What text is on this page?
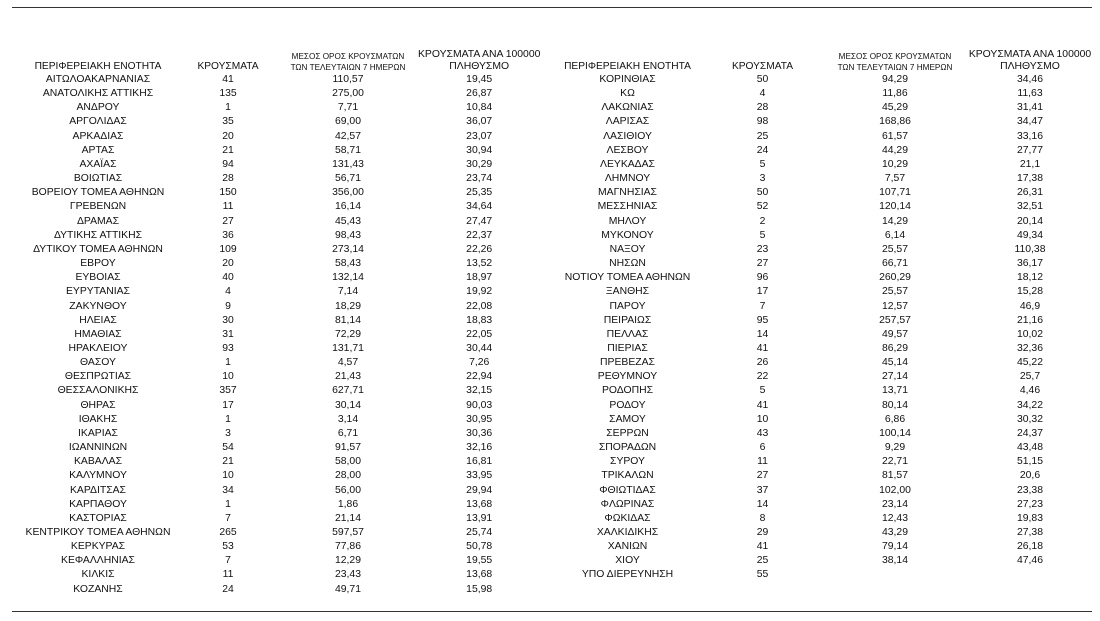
ΠΕΡΙΦΕΡΕΙΑΚΗ ΕΝΟΤΗΤΑ	ΚΡΟΥΣΜΑΤΑ	ΜΕΣΟΣ ΟΡΟΣ ΚΡΟΥΣΜΑΤΩΝ
ΤΩΝ ΤΕΛΕΥΤΑΙΩΝ 7 ΗΜΕΡΩΝ	ΚΡΟΥΣΜΑΤΑ ΑΝΑ 100000
ΠΛΗΘΥΣΜΟ
ΑΙΤΩΛΟΑΚΑΡΝΑΝΙΑΣ	41	110,57	19,45
ΑΝΑΤΟΛΙΚΗΣ ΑΤΤΙΚΗΣ	135	275,00	26,87
ΑΝΔΡΟΥ	1	7,71	10,84
ΑΡΓΟΛΙΔΑΣ	35	69,00	36,07
ΑΡΚΑΔΙΑΣ	20	42,57	23,07
ΑΡΤΑΣ	21	58,71	30,94
ΑΧΑΪΑΣ	94	131,43	30,29
ΒΟΙΩΤΙΑΣ	28	56,71	23,74
ΒΟΡΕΙΟΥ ΤΟΜΕΑ ΑΘΗΝΩΝ	150	356,00	25,35
ΓΡΕΒΕΝΩΝ	11	16,14	34,64
ΔΡΑΜΑΣ	27	45,43	27,47
ΔΥΤΙΚΗΣ ΑΤΤΙΚΗΣ	36	98,43	22,37
ΔΥΤΙΚΟΥ ΤΟΜΕΑ ΑΘΗΝΩΝ	109	273,14	22,26
ΕΒΡΟΥ	20	58,43	13,52
ΕΥΒΟΙΑΣ	40	132,14	18,97
ΕΥΡΥΤΑΝΙΑΣ	4	7,14	19,92
ΖΑΚΥΝΘΟΥ	9	18,29	22,08
ΗΛΕΙΑΣ	30	81,14	18,83
ΗΜΑΘΙΑΣ	31	72,29	22,05
ΗΡΑΚΛΕΙΟΥ	93	131,71	30,44
ΘΑΣΟΥ	1	4,57	7,26
ΘΕΣΠΡΩΤΙΑΣ	10	21,43	22,94
ΘΕΣΣΑΛΟΝΙΚΗΣ	357	627,71	32,15
ΘΗΡΑΣ	17	30,14	90,03
ΙΘΑΚΗΣ	1	3,14	30,95
ΙΚΑΡΙΑΣ	3	6,71	30,36
ΙΩΑΝΝΙΝΩΝ	54	91,57	32,16
ΚΑΒΑΛΑΣ	21	58,00	16,81
ΚΑΛΥΜΝΟΥ	10	28,00	33,95
ΚΑΡΔΙΤΣΑΣ	34	56,00	29,94
ΚΑΡΠΑΘΟΥ	1	1,86	13,68
ΚΑΣΤΟΡΙΑΣ	7	21,14	13,91
ΚΕΝΤΡΙΚΟΥ ΤΟΜΕΑ ΑΘΗΝΩΝ	265	597,57	25,74
ΚΕΡΚΥΡΑΣ	53	77,86	50,78
ΚΕΦΑΛΛΗΝΙΑΣ	7	12,29	19,55
ΚΙΛΚΙΣ	11	23,43	13,68
ΚΟΖΑΝΗΣ	24	49,71	15,98
ΠΕΡΙΦΕΡΕΙΑΚΗ ΕΝΟΤΗΤΑ	ΚΡΟΥΣΜΑΤΑ	ΜΕΣΟΣ ΟΡΟΣ ΚΡΟΥΣΜΑΤΩΝ
ΤΩΝ ΤΕΛΕΥΤΑΙΩΝ 7 ΗΜΕΡΩΝ	ΚΡΟΥΣΜΑΤΑ ΑΝΑ 100000
ΠΛΗΘΥΣΜΟ
ΚΟΡΙΝΘΙΑΣ	50	94,29	34,46
ΚΩ	4	11,86	11,63
ΛΑΚΩΝΙΑΣ	28	45,29	31,41
ΛΑΡΙΣΑΣ	98	168,86	34,47
ΛΑΣΙΘΙΟΥ	25	61,57	33,16
ΛΕΣΒΟΥ	24	44,29	27,77
ΛΕΥΚΑΔΑΣ	5	10,29	21,1
ΛΗΜΝΟΥ	3	7,57	17,38
ΜΑΓΝΗΣΙΑΣ	50	107,71	26,31
ΜΕΣΣΗΝΙΑΣ	52	120,14	32,51
ΜΗΛΟΥ	2	14,29	20,14
ΜΥΚΟΝΟΥ	5	6,14	49,34
ΝΑΞΟΥ	23	25,57	110,38
ΝΗΣΩΝ	27	66,71	36,17
ΝΟΤΙΟΥ ΤΟΜΕΑ ΑΘΗΝΩΝ	96	260,29	18,12
ΞΑΝΘΗΣ	17	25,57	15,28
ΠΑΡΟΥ	7	12,57	46,9
ΠΕΙΡΑΙΩΣ	95	257,57	21,16
ΠΕΛΛΑΣ	14	49,57	10,02
ΠΙΕΡΙΑΣ	41	86,29	32,36
ΠΡΕΒΕΖΑΣ	26	45,14	45,22
ΡΕΘΥΜΝΟΥ	22	27,14	25,7
ΡΟΔΟΠΗΣ	5	13,71	4,46
ΡΟΔΟΥ	41	80,14	34,22
ΣΑΜΟΥ	10	6,86	30,32
ΣΕΡΡΩΝ	43	100,14	24,37
ΣΠΟΡΑΔΩΝ	6	9,29	43,48
ΣΥΡΟΥ	11	22,71	51,15
ΤΡΙΚΑΛΩΝ	27	81,57	20,6
ΦΘΙΩΤΙΔΑΣ	37	102,00	23,38
ΦΛΩΡΙΝΑΣ	14	23,14	27,23
ΦΩΚΙΔΑΣ	8	12,43	19,83
ΧΑΛΚΙΔΙΚΗΣ	29	43,29	27,38
ΧΑΝΙΩΝ	41	79,14	26,18
ΧΙΟΥ	25	38,14	47,46
ΥΠΟ ΔΙΕΡΕΥΝΗΣΗ	55		
